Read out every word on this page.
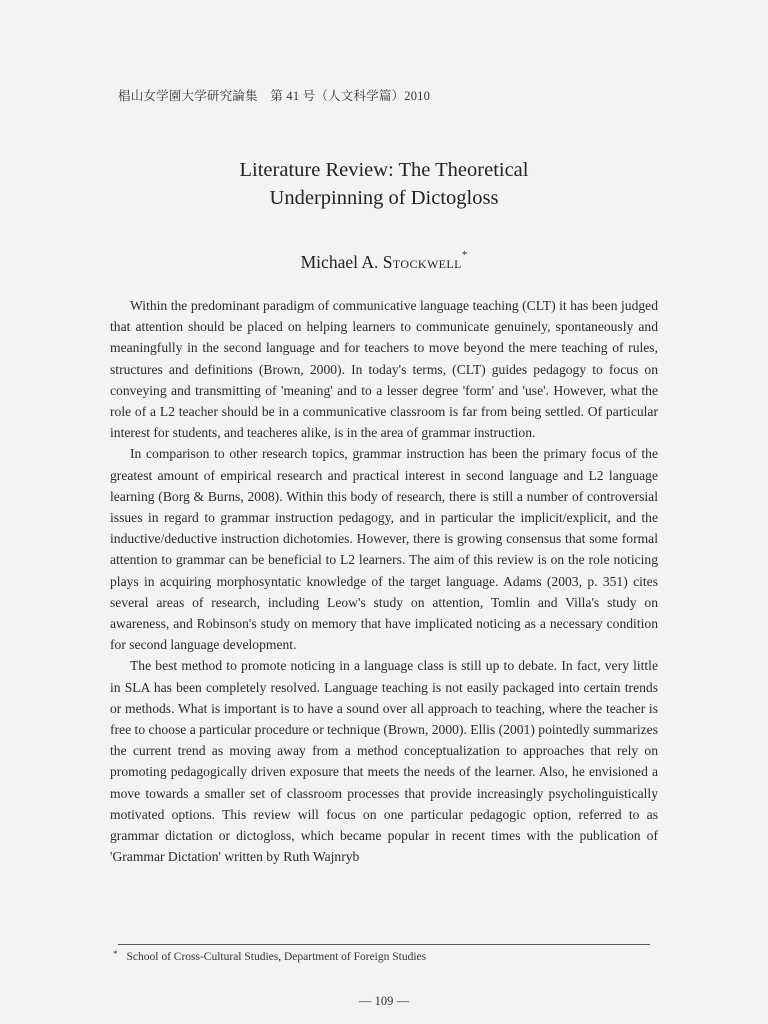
椙山女学園大学研究論集　第 41 号（人文科学篇）2010
Literature Review: The Theoretical
Underpinning of Dictogloss
Michael A. Stockwell*

Within the predominant paradigm of communicative language teaching (CLT) it has been judged that attention should be placed on helping learners to communicate genuinely, spontaneously and meaningfully in the second language and for teachers to move beyond the mere teaching of rules, structures and definitions (Brown, 2000). In today's terms, (CLT) guides pedagogy to focus on conveying and transmitting of 'meaning' and to a lesser degree 'form' and 'use'. However, what the role of a L2 teacher should be in a communicative classroom is far from being settled. Of particular interest for students, and teacheres alike, is in the area of grammar instruction.

In comparison to other research topics, grammar instruction has been the primary focus of the greatest amount of empirical research and practical interest in second language and L2 language learning (Borg & Burns, 2008). Within this body of research, there is still a number of controversial issues in regard to grammar instruction pedagogy, and in particular the implicit/explicit, and the inductive/deductive instruction dichotomies. However, there is growing consensus that some formal attention to grammar can be beneficial to L2 learners. The aim of this review is on the role noticing plays in acquiring morphosyntatic knowledge of the target language. Adams (2003, p. 351) cites several areas of research, including Leow's study on attention, Tomlin and Villa's study on awareness, and Robinson's study on memory that have implicated noticing as a necessary condition for second language development.

The best method to promote noticing in a language class is still up to debate. In fact, very little in SLA has been completely resolved. Language teaching is not easily packaged into certain trends or methods. What is important is to have a sound over all approach to teaching, where the teacher is free to choose a particular procedure or technique (Brown, 2000). Ellis (2001) pointedly summarizes the current trend as moving away from a method conceptualization to approaches that rely on promoting pedagogically driven exposure that meets the needs of the learner. Also, he envisioned a move towards a smaller set of classroom processes that provide increasingly psycholinguistically motivated options. This review will focus on one particular pedagogic option, referred to as grammar dictation or dictogloss, which became popular in recent times with the publication of 'Grammar Dictation' written by Ruth Wajnryb

* School of Cross-Cultural Studies, Department of Foreign Studies
— 109 —
